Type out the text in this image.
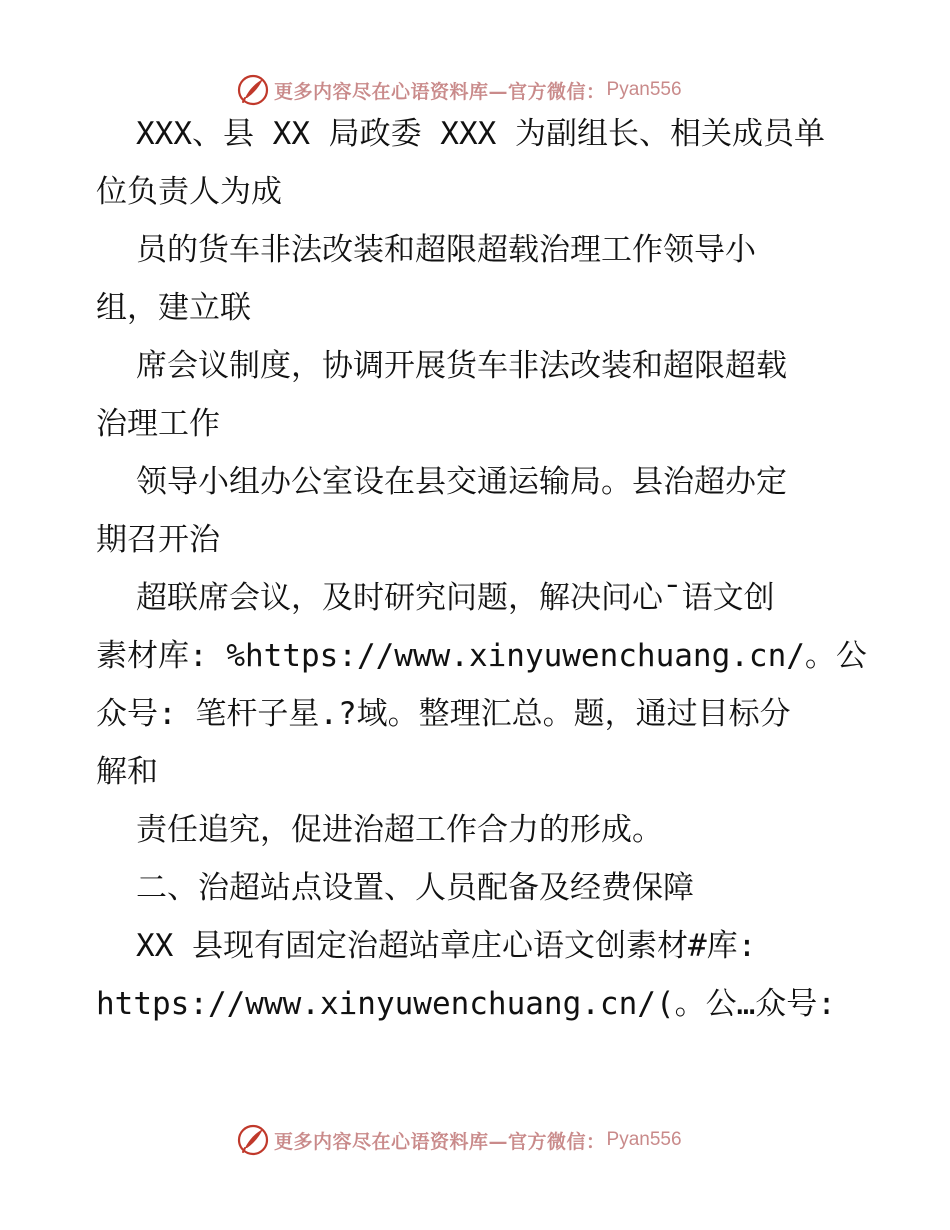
更多内容尽在心语资料库—官方微信： Pyan556
XXX、县 XX 局政委 XXX 为副组长、相关成员单
位负责人为成
员的货车非法改装和超限超载治理工作领导小
组，建立联
席会议制度，协调开展货车非法改装和超限超载
治理工作
领导小组办公室设在县交通运输局。县治超办定
期召开治
超联席会议，及时研究问题，解决问心¯语文创
素材库: %https://www.xinyuwenchuang.cn/。公
众号: 笔杆子星.?域。整理汇总。题，通过目标分
解和
责任追究，促进治超工作合力的形成。
二、治超站点设置、人员配备及经费保障
XX 县现有固定治超站章庄心语文创素材#库:
https://www.xinyuwenchuang.cn/(。公…众号:
更多内容尽在心语资料库—官方微信： Pyan556
